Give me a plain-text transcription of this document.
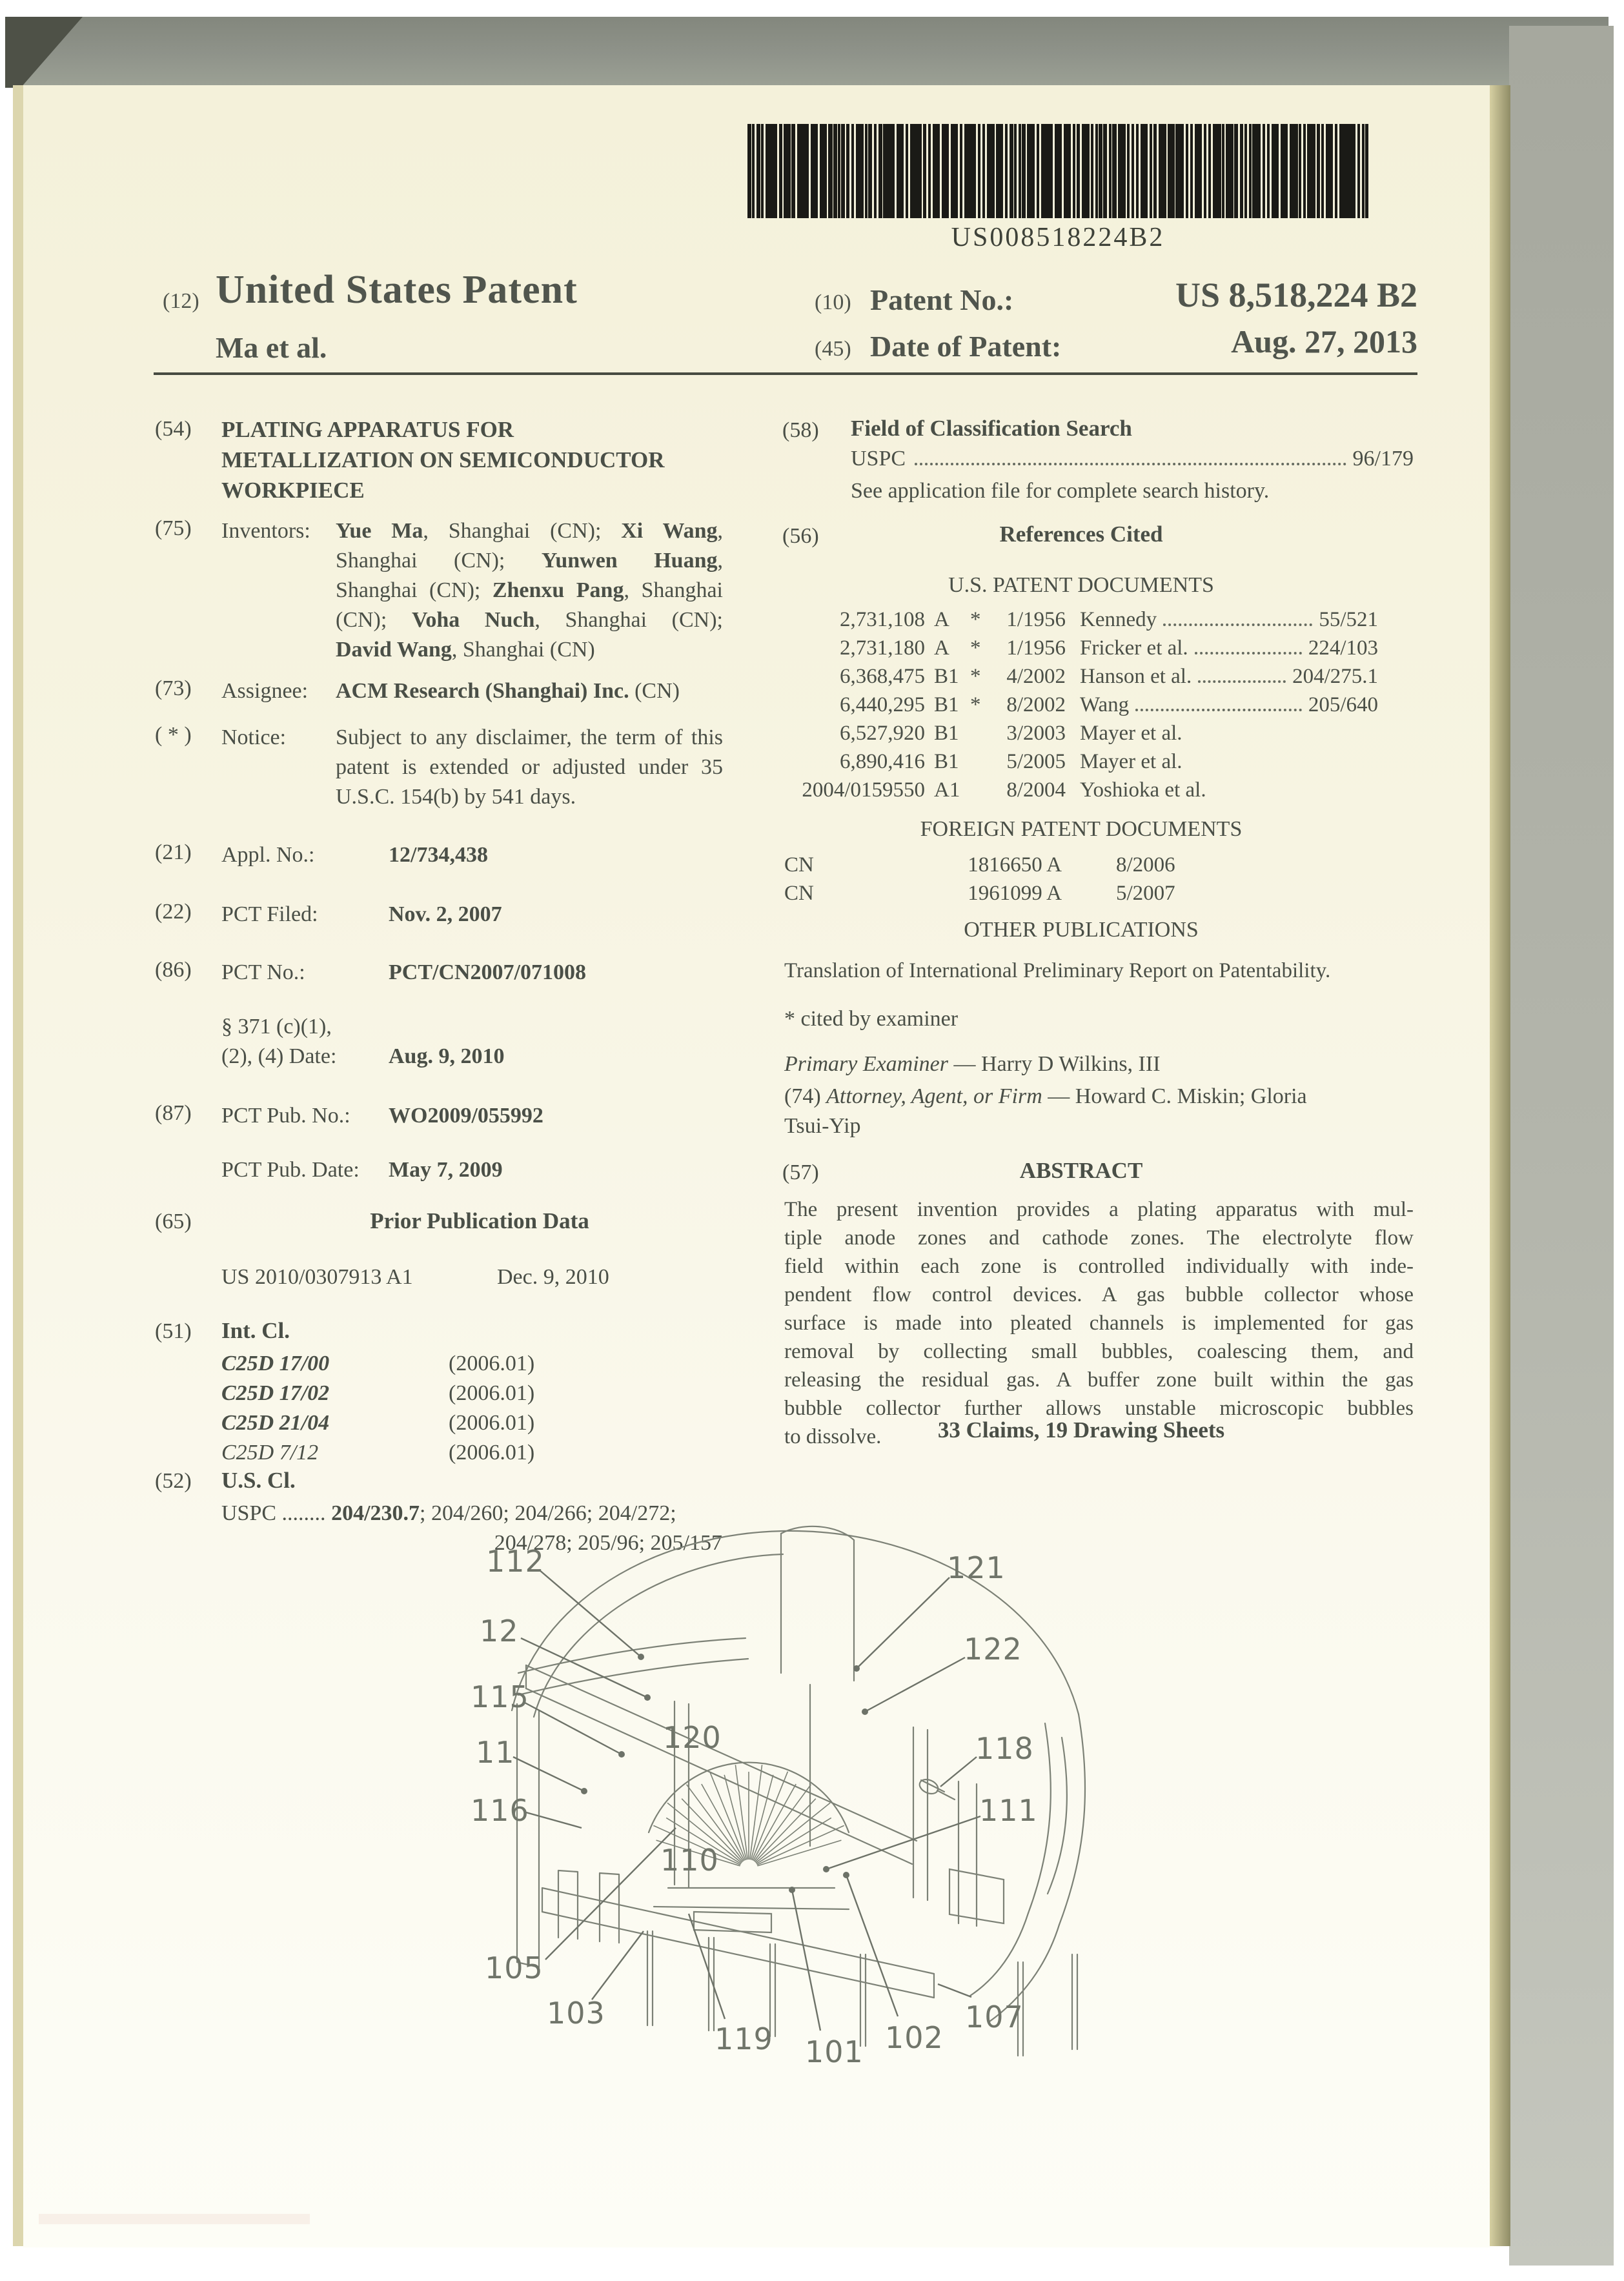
US008518224B2
(12) United States Patent
Ma et al.
(10) Patent No.:	US 8,518,224 B2
(45) Date of Patent:	Aug. 27, 2013
(54) PLATING APPARATUS FOR
METALLIZATION ON SEMICONDUCTOR
WORKPIECE
(75) Inventors: Yue Ma, Shanghai (CN); Xi Wang,
Shanghai (CN); Yunwen Huang,
Shanghai (CN); Zhenxu Pang, Shanghai
(CN); Voha Nuch, Shanghai (CN);
David Wang, Shanghai (CN)
(73) Assignee: ACM Research (Shanghai) Inc. (CN)
( * ) Notice: Subject to any disclaimer, the term of this
patent is extended or adjusted under 35
U.S.C. 154(b) by 541 days.
(21) Appl. No.:	12/734,438
(22) PCT Filed:	Nov. 2, 2007
(86) PCT No.:	PCT/CN2007/071008
§ 371 (c)(1),
(2), (4) Date: Aug. 9, 2010
(87) PCT Pub. No.: WO2009/055992
PCT Pub. Date: May 7, 2009
(65)	Prior Publication Data
US 2010/0307913 A1	Dec. 9, 2010
(51) Int. Cl.
C25D 17/00	(2006.01)
C25D 17/02	(2006.01)
C25D 21/04	(2006.01)
C25D 7/12	(2006.01)
(52) U.S. Cl.
USPC ........ 204/230.7; 204/260; 204/266; 204/272;
204/278; 205/96; 205/157
(58) Field of Classification Search
USPC	96/179
See application file for complete search history.
(56)	References Cited
U.S. PATENT DOCUMENTS
2,731,108 A *	1/1956 Kennedy	55/521
2,731,180 A *	1/1956 Fricker et al.	224/103
6,368,475 B1 *	4/2002 Hanson et al.	204/275.1
6,440,295 B1 *	8/2002 Wang	205/640
6,527,920 B1	3/2003 Mayer et al.
6,890,416 B1	5/2005 Mayer et al.
2004/0159550 A1	8/2004 Yoshioka et al.
FOREIGN PATENT DOCUMENTS
CN	1816650 A	8/2006
CN	1961099 A	5/2007
OTHER PUBLICATIONS
Translation of International Preliminary Report on Patentability.
* cited by examiner
Primary Examiner — Harry D Wilkins, III
(74) Attorney, Agent, or Firm — Howard C. Miskin; Gloria
Tsui-Yip
(57)	ABSTRACT
The present invention provides a plating apparatus with mul-
tiple anode zones and cathode zones. The electrolyte flow
field within each zone is controlled individually with inde-
pendent flow control devices. A gas bubble collector whose
surface is made into pleated channels is implemented for gas
removal by collecting small bubbles, coalescing them, and
releasing the residual gas. A buffer zone built within the gas
bubble collector further allows unstable microscopic bubbles
to dissolve.	33 Claims, 19 Drawing Sheets
112	121
12
122
115
11	118
116
120
111
110
105
103
119 101 102
107
